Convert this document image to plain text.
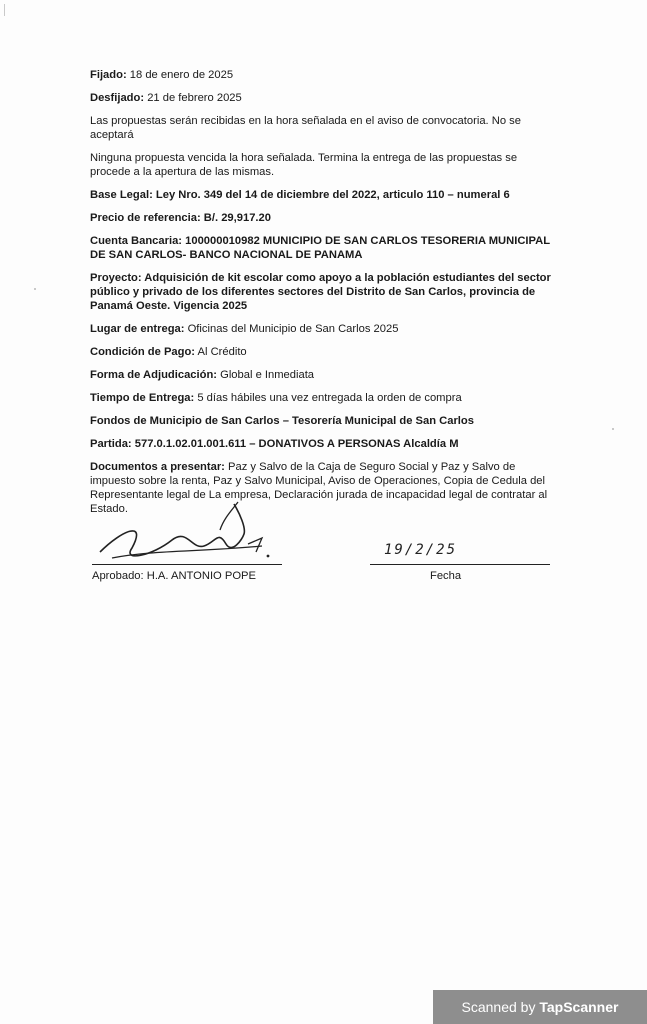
Fijado: 18 de enero de 2025
Desfijado: 21 de febrero 2025
Las propuestas serán recibidas en la hora señalada en el aviso de convocatoria. No se aceptará
Ninguna propuesta vencida la hora señalada. Termina la entrega de las propuestas se procede a la apertura de las mismas.
Base Legal: Ley Nro. 349 del 14 de diciembre del 2022, articulo 110 – numeral 6
Precio de referencia: B/. 29,917.20
Cuenta Bancaria: 100000010982 MUNICIPIO DE SAN CARLOS TESORERIA MUNICIPAL DE SAN CARLOS- BANCO NACIONAL DE PANAMA
Proyecto: Adquisición de kit escolar como apoyo a la población estudiantes del sector público y privado de los diferentes sectores del Distrito de San Carlos, provincia de Panamá Oeste. Vigencia 2025
Lugar de entrega: Oficinas del Municipio de San Carlos 2025
Condición de Pago: Al Crédito
Forma de Adjudicación: Global e Inmediata
Tiempo de Entrega: 5 días hábiles una vez entregada la orden de compra
Fondos de Municipio de San Carlos – Tesorería Municipal de San Carlos
Partida: 577.0.1.02.01.001.611 – DONATIVOS A PERSONAS Alcaldía M
Documentos a presentar: Paz y Salvo de la Caja de Seguro Social y Paz y Salvo de impuesto sobre la renta, Paz y Salvo Municipal, Aviso de Operaciones, Copia de Cedula del Representante legal de La empresa, Declaración jurada de incapacidad legal de contratar al Estado.
Aprobado: H.A. ANTONIO POPE
19/2/25
Fecha
Scanned by TapScanner
